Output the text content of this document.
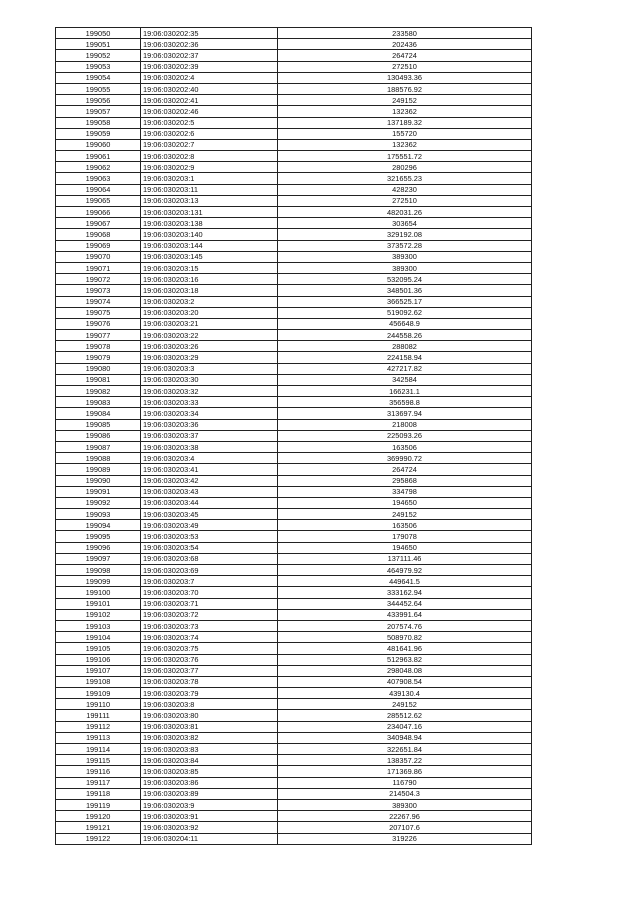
199050	19:06:030202:35	233580
199051	19:06:030202:36	202436
199052	19:06:030202:37	264724
199053	19:06:030202:39	272510
199054	19:06:030202:4	130493.36
199055	19:06:030202:40	188576.92
199056	19:06:030202:41	249152
199057	19:06:030202:46	132362
199058	19:06:030202:5	137189.32
199059	19:06:030202:6	155720
199060	19:06:030202:7	132362
199061	19:06:030202:8	175551.72
199062	19:06:030202:9	280296
199063	19:06:030203:1	321655.23
199064	19:06:030203:11	428230
199065	19:06:030203:13	272510
199066	19:06:030203:131	482031.26
199067	19:06:030203:138	303654
199068	19:06:030203:140	329192.08
199069	19:06:030203:144	373572.28
199070	19:06:030203:145	389300
199071	19:06:030203:15	389300
199072	19:06:030203:16	532095.24
199073	19:06:030203:18	348501.36
199074	19:06:030203:2	366525.17
199075	19:06:030203:20	519092.62
199076	19:06:030203:21	456648.9
199077	19:06:030203:22	244558.26
199078	19:06:030203:26	288082
199079	19:06:030203:29	224158.94
199080	19:06:030203:3	427217.82
199081	19:06:030203:30	342584
199082	19:06:030203:32	166231.1
199083	19:06:030203:33	356598.8
199084	19:06:030203:34	313697.94
199085	19:06:030203:36	218008
199086	19:06:030203:37	225093.26
199087	19:06:030203:38	163506
199088	19:06:030203:4	369990.72
199089	19:06:030203:41	264724
199090	19:06:030203:42	295868
199091	19:06:030203:43	334798
199092	19:06:030203:44	194650
199093	19:06:030203:45	249152
199094	19:06:030203:49	163506
199095	19:06:030203:53	179078
199096	19:06:030203:54	194650
199097	19:06:030203:68	137111.46
199098	19:06:030203:69	464979.92
199099	19:06:030203:7	449641.5
199100	19:06:030203:70	333162.94
199101	19:06:030203:71	344452.64
199102	19:06:030203:72	433991.64
199103	19:06:030203:73	207574.76
199104	19:06:030203:74	508970.82
199105	19:06:030203:75	481641.96
199106	19:06:030203:76	512963.82
199107	19:06:030203:77	298048.08
199108	19:06:030203:78	407908.54
199109	19:06:030203:79	439130.4
199110	19:06:030203:8	249152
199111	19:06:030203:80	285512.62
199112	19:06:030203:81	234047.16
199113	19:06:030203:82	340948.94
199114	19:06:030203:83	322651.84
199115	19:06:030203:84	138357.22
199116	19:06:030203:85	171369.86
199117	19:06:030203:86	116790
199118	19:06:030203:89	214504.3
199119	19:06:030203:9	389300
199120	19:06:030203:91	22267.96
199121	19:06:030203:92	207107.6
199122	19:06:030204:11	319226
